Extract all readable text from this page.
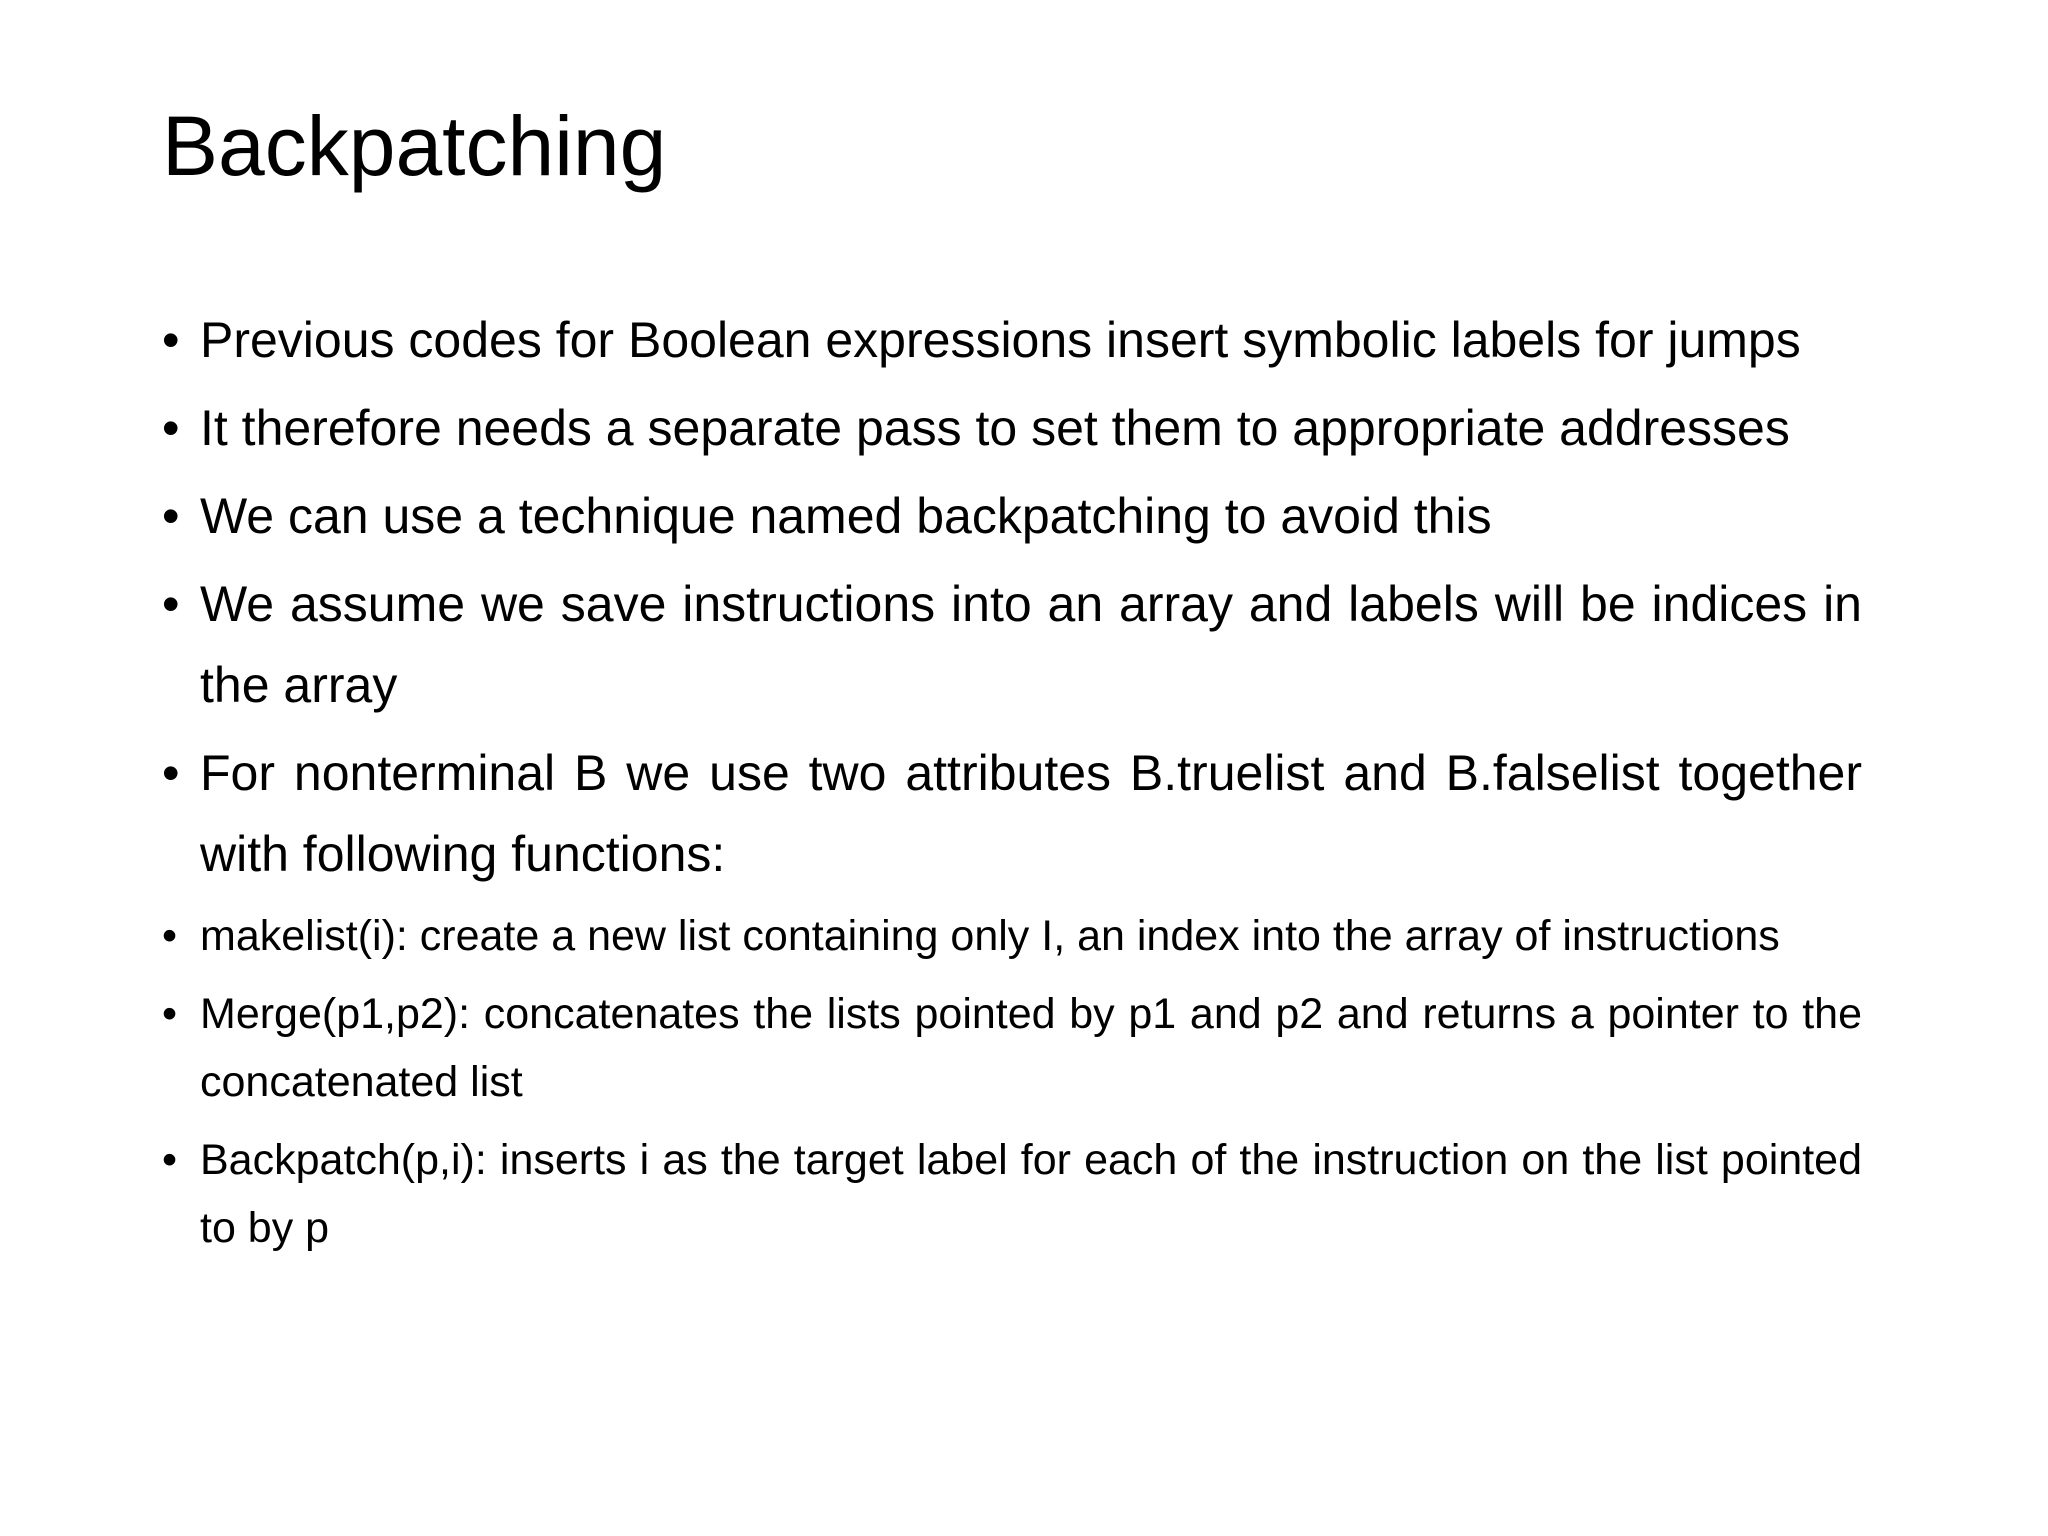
Backpatching
• Previous codes for Boolean expressions insert symbolic labels for jumps
• It therefore needs a separate pass to set them to appropriate addresses
• We can use a technique named backpatching to avoid this
• We assume we save instructions into an array and labels will be indices in the array
• For nonterminal B we use two attributes B.truelist and B.falselist together with following functions:
• makelist(i): create a new list containing only I, an index into the array of instructions
• Merge(p1,p2): concatenates the lists pointed by p1 and p2 and returns a pointer to the concatenated list
• Backpatch(p,i): inserts i as the target label for each of the instruction on the list pointed to by p
